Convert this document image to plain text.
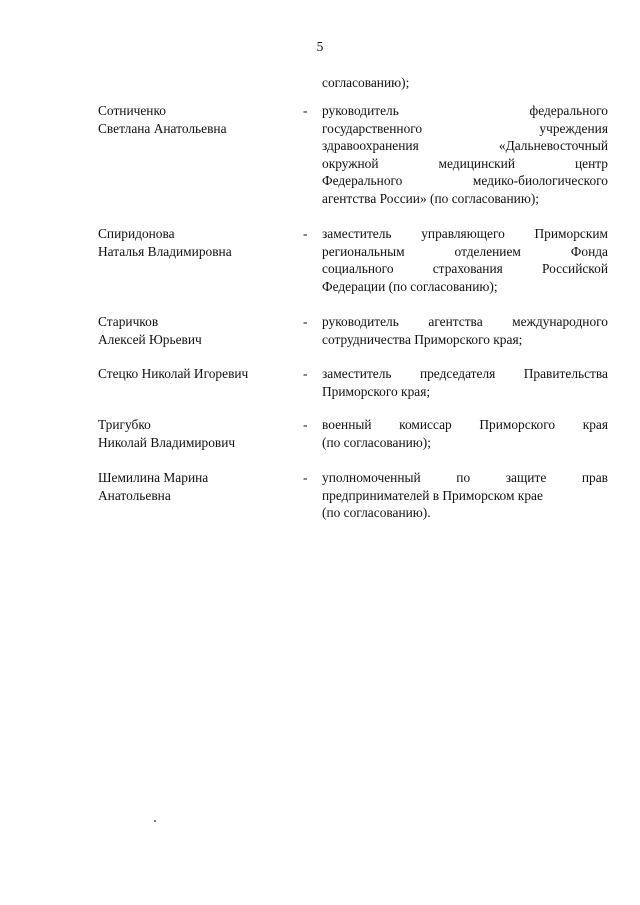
5
согласованию);
Сотниченко
Светлана Анатольевна
- руководитель федерального
государственного учреждения
здравоохранения «Дальневосточный
окружной медицинский центр
Федерального медико-биологического
агентства России» (по согласованию);
Спиридонова
Наталья Владимировна
- заместитель управляющего Приморским
региональным отделением Фонда
социального страхования Российской
Федерации (по согласованию);
Старичков
Алексей Юрьевич
- руководитель агентства международного
сотрудничества Приморского края;
Стецко Николай Игоревич	- заместитель председателя Правительства
Приморского края;
Тригубко
Николай Владимирович
- военный комиссар Приморского края
(по согласованию);
Шемилина Марина
Анатольевна
- уполномоченный по защите прав
предпринимателей в Приморском крае
(по согласованию).
